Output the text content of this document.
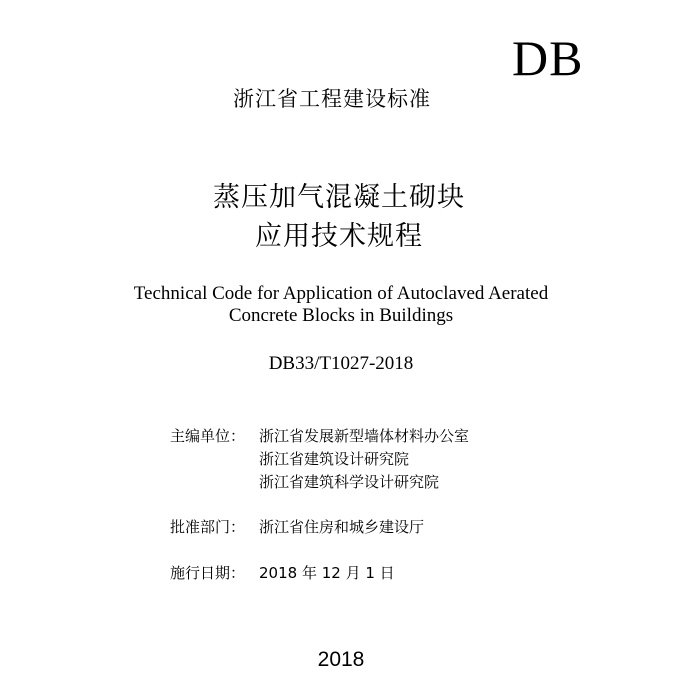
DB
浙江省工程建设标准
蒸压加气混凝土砌块
应用技术规程
Technical Code for Application of Autoclaved Aerated
Concrete Blocks in Buildings
DB33/T1027-2018
主编单位： 浙江省发展新型墙体材料办公室
浙江省建筑设计研究院
浙江省建筑科学设计研究院
批准部门： 浙江省住房和城乡建设厅
施行日期： 2018 年 12 月 1 日
2018
